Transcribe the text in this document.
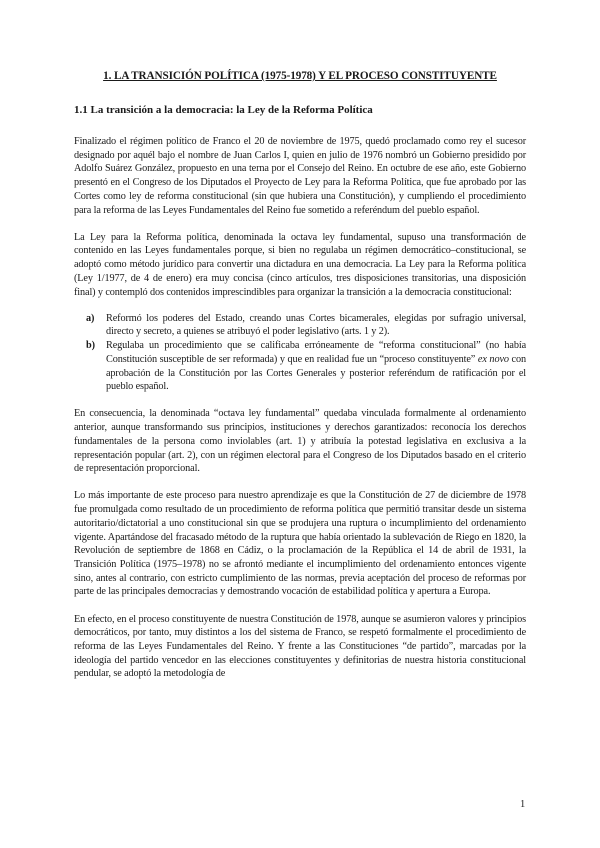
1. LA TRANSICIÓN POLÍTICA (1975-1978) Y EL PROCESO CONSTITUYENTE
1.1 La transición a la democracia: la Ley de la Reforma Política

Finalizado el régimen político de Franco el 20 de noviembre de 1975, quedó proclamado como rey el sucesor designado por aquél bajo el nombre de Juan Carlos I, quien en julio de 1976 nombró un Gobierno presidido por Adolfo Suárez González, propuesto en una terna por el Consejo del Reino. En octubre de ese año, este Gobierno presentó en el Congreso de los Diputados el Proyecto de Ley para la Reforma Política, que fue aprobado por las Cortes como ley de reforma constitucional (sin que hubiera una Constitución), y cumpliendo el procedimiento para la reforma de las Leyes Fundamentales del Reino fue sometido a referéndum del pueblo español.

La Ley para la Reforma política, denominada la octava ley fundamental, supuso una transformación de contenido en las Leyes fundamentales porque, si bien no regulaba un régimen democrático–constitucional, se adoptó como método jurídico para convertir una dictadura en una democracia. La Ley para la Reforma política (Ley 1/1977, de 4 de enero) era muy concisa (cinco artículos, tres disposiciones transitorias, una disposición final) y contempló dos contenidos imprescindibles para organizar la transición a la democracia constitucional:

a)	Reformó los poderes del Estado, creando unas Cortes bicamerales, elegidas por sufragio universal, directo y secreto, a quienes se atribuyó el poder legislativo (arts. 1 y 2).
b)	Regulaba un procedimiento que se calificaba erróneamente de “reforma constitucional” (no había Constitución susceptible de ser reformada) y que en realidad fue un “proceso constituyente” ex novo con aprobación de la Constitución por las Cortes Generales y posterior referéndum de ratificación por el pueblo español.

En consecuencia, la denominada “octava ley fundamental” quedaba vinculada formalmente al ordenamiento anterior, aunque transformando sus principios, instituciones y derechos garantizados: reconocía los derechos fundamentales de la persona como inviolables (art. 1) y atribuía la potestad legislativa en exclusiva a la representación popular (art. 2), con un régimen electoral para el Congreso de los Diputados basado en el criterio de representación proporcional.

Lo más importante de este proceso para nuestro aprendizaje es que la Constitución de 27 de diciembre de 1978 fue promulgada como resultado de un procedimiento de reforma política que permitió transitar desde un sistema autoritario/dictatorial a uno constitucional sin que se produjera una ruptura o incumplimiento del ordenamiento vigente. Apartándose del fracasado método de la ruptura que había orientado la sublevación de Riego en 1820, la Revolución de septiembre de 1868 en Cádiz, o la proclamación de la República el 14 de abril de 1931, la Transición Política (1975–1978) no se afrontó mediante el incumplimiento del ordenamiento entonces vigente sino, antes al contrario, con estricto cumplimiento de las normas, previa aceptación del proceso de reformas por parte de las principales democracias y demostrando vocación de estabilidad política y apertura a Europa.

En efecto, en el proceso constituyente de nuestra Constitución de 1978, aunque se asumieron valores y principios democráticos, por tanto, muy distintos a los del sistema de Franco, se respetó formalmente el procedimiento de reforma de las Leyes Fundamentales del Reino. Y frente a las Constituciones “de partido”, marcadas por la ideología del partido vencedor en las elecciones constituyentes y definitorias de nuestra historia constitucional pendular, se adoptó la metodología de

1
